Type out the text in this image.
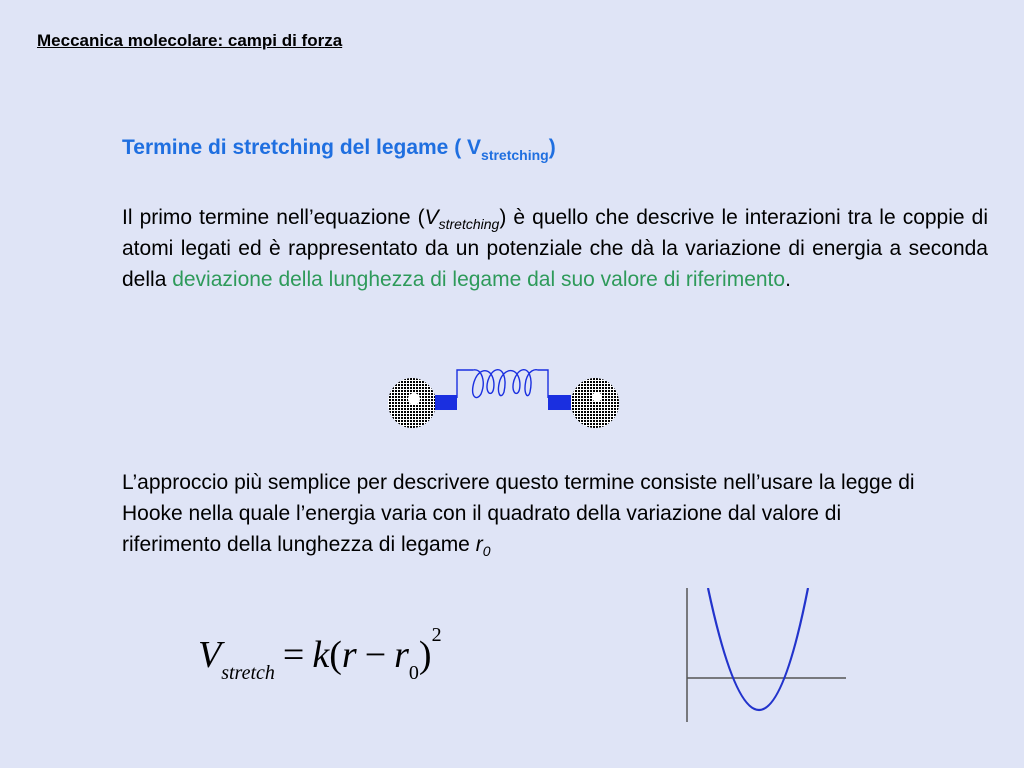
Meccanica molecolare: campi di forza
Termine di stretching del legame ( $V_{stretching}$)
Il primo termine nell’equazione $(V_{stretching})$ è quello che descrive le interazioni tra le coppie di atomi legati ed è rappresentato da un potenziale che dà la variazione di energia a seconda della deviazione della lunghezza di legame dal suo valore di riferimento.
L’approccio più semplice per descrivere questo termine consiste nell’usare la legge di Hooke nella quale l’energia varia con il quadrato della variazione dal valore di riferimento della lunghezza di legame $r_0$
$V_{stretch} = k(r - r_0)^2$
